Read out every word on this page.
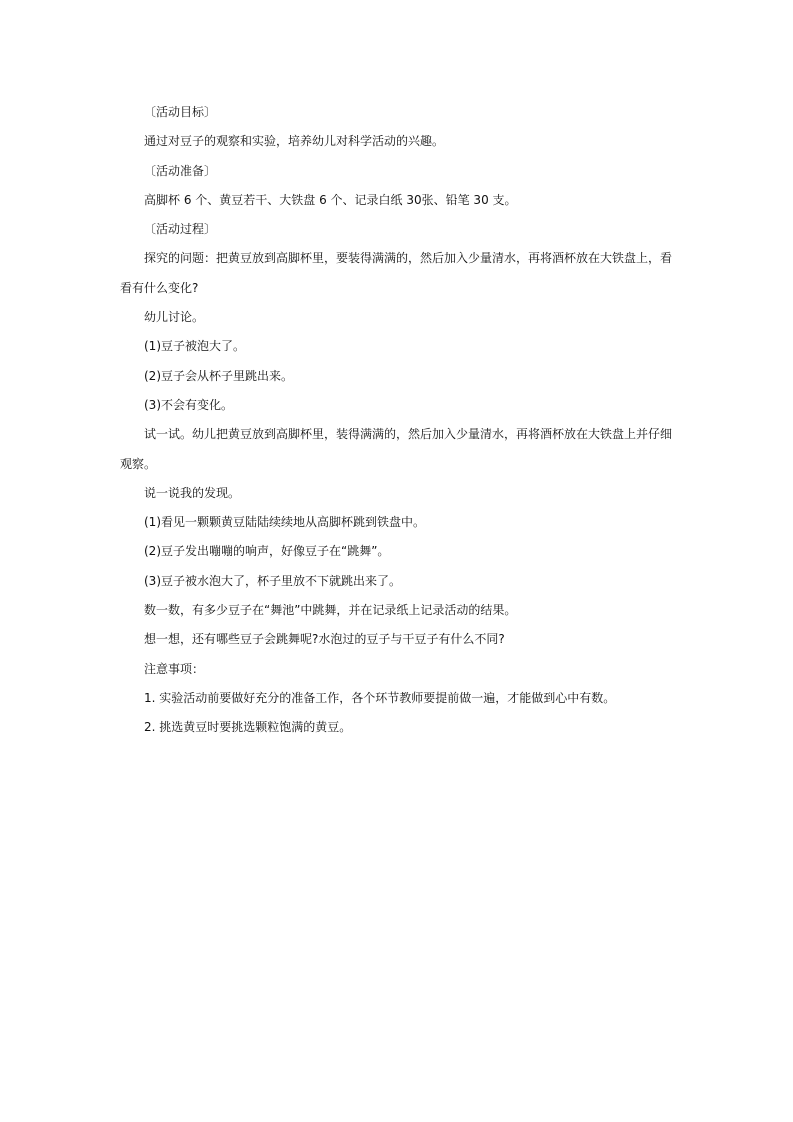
〔活动目标〕

通过对豆子的观察和实验，培养幼儿对科学活动的兴趣。

〔活动准备〕

高脚杯 6 个、黄豆若干、大铁盘 6 个、记录白纸 30张、铅笔 30 支。

〔活动过程〕

探究的问题：把黄豆放到高脚杯里，要装得满满的，然后加入少量清水，再将酒杯放在大铁盘上，看看有什么变化?

幼儿讨论。

(1)豆子被泡大了。

(2)豆子会从杯子里跳出来。

(3)不会有变化。

试一试。幼儿把黄豆放到高脚杯里，装得满满的，然后加入少量清水，再将酒杯放在大铁盘上并仔细观察。

说一说我的发现。

(1)看见一颗颗黄豆陆陆续续地从高脚杯跳到铁盘中。

(2)豆子发出嘣嘣的响声，好像豆子在“跳舞”。

(3)豆子被水泡大了，杯子里放不下就跳出来了。

数一数，有多少豆子在“舞池”中跳舞，并在记录纸上记录活动的结果。

想一想，还有哪些豆子会跳舞呢?水泡过的豆子与干豆子有什么不同?

注意事项：

1. 实验活动前要做好充分的准备工作，各个环节教师要提前做一遍，才能做到心中有数。

2. 挑选黄豆时要挑选颗粒饱满的黄豆。
